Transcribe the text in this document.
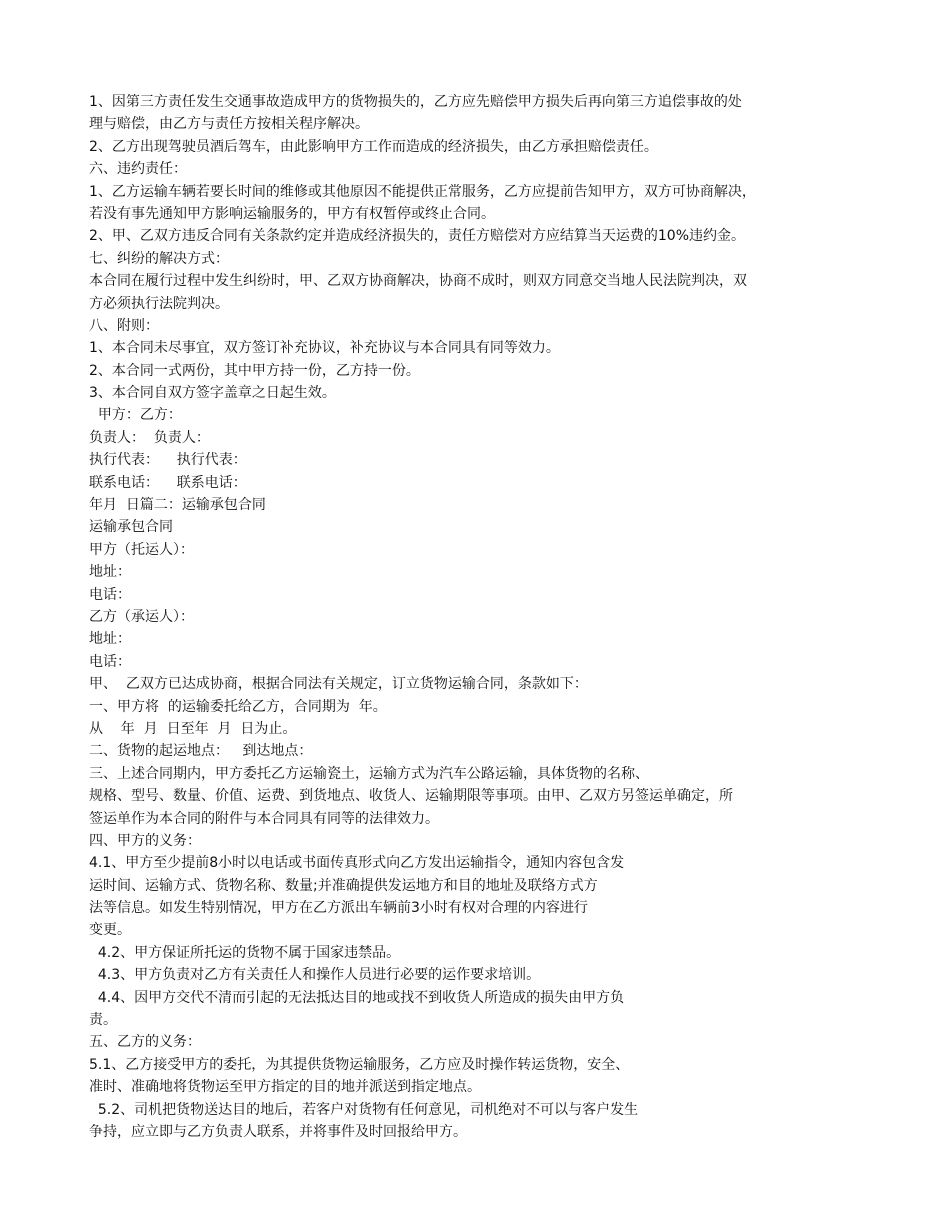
1、因第三方责任发生交通事故造成甲方的货物损失的，乙方应先赔偿甲方损失后再向第三方追偿事故的处
理与赔偿，由乙方与责任方按相关程序解决。
2、乙方出现驾驶员酒后驾车，由此影响甲方工作而造成的经济损失，由乙方承担赔偿责任。
六、违约责任：
1、乙方运输车辆若要长时间的维修或其他原因不能提供正常服务，乙方应提前告知甲方，双方可协商解决，
若没有事先通知甲方影响运输服务的，甲方有权暂停或终止合同。
2、甲、乙双方违反合同有关条款约定并造成经济损失的，责任方赔偿对方应结算当天运费的10%违约金。
七、纠纷的解决方式：
本合同在履行过程中发生纠纷时，甲、乙双方协商解决，协商不成时，则双方同意交当地人民法院判决，双
方必须执行法院判决。
八、附则：
1、本合同未尽事宜，双方签订补充协议，补充协议与本合同具有同等效力。
2、本合同一式两份，其中甲方持一份，乙方持一份。
3、本合同自双方签字盖章之日起生效。
甲方：乙方：
负责人：  负责人：
执行代表：    执行代表：
联系电话：    联系电话：
年月  日篇二：运输承包合同
运输承包合同
甲方（托运人）：
地址：
电话：
乙方（承运人）：
地址：
电话：
甲、  乙双方已达成协商，根据合同法有关规定，订立货物运输合同，条款如下：
一、甲方将  的运输委托给乙方，合同期为  年。
从    年  月  日至年  月  日为止。
二、货物的起运地点：   到达地点：
三、上述合同期内，甲方委托乙方运输瓷土，运输方式为汽车公路运输，具体货物的名称、
规格、型号、数量、价值、运费、到货地点、收货人、运输期限等事项。由甲、乙双方另签运单确定，所
签运单作为本合同的附件与本合同具有同等的法律效力。
四、甲方的义务：
4.1、甲方至少提前8小时以电话或书面传真形式向乙方发出运输指令，通知内容包含发
运时间、运输方式、货物名称、数量;并准确提供发运地方和目的地址及联络方式方
法等信息。如发生特别情况，甲方在乙方派出车辆前3小时有权对合理的内容进行
变更。
4.2、甲方保证所托运的货物不属于国家违禁品。
4.3、甲方负责对乙方有关责任人和操作人员进行必要的运作要求培训。
4.4、因甲方交代不清而引起的无法抵达目的地或找不到收货人所造成的损失由甲方负
责。
五、乙方的义务：
5.1、乙方接受甲方的委托，为其提供货物运输服务，乙方应及时操作转运货物，安全、
准时、准确地将货物运至甲方指定的目的地并派送到指定地点。
5.2、司机把货物送达目的地后，若客户对货物有任何意见，司机绝对不可以与客户发生
争持，应立即与乙方负责人联系，并将事件及时回报给甲方。
